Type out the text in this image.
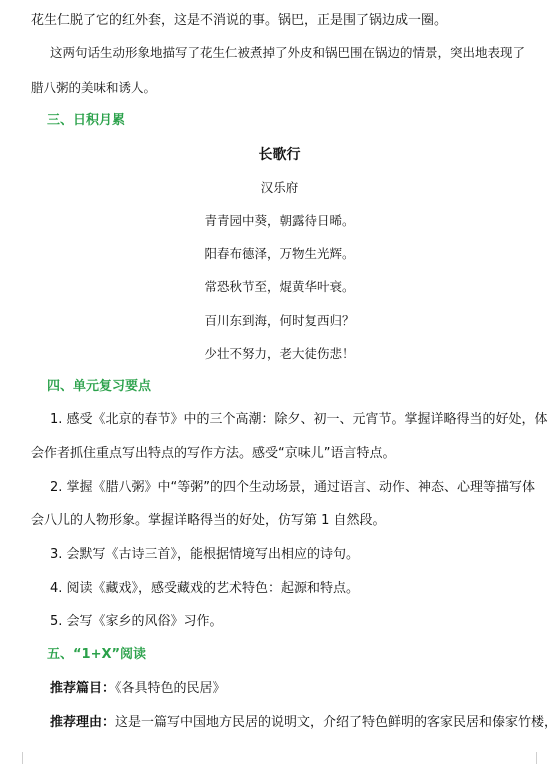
花生仁脱了它的红外套，这是不消说的事。锅巴，正是围了锅边成一圈。
这两句话生动形象地描写了花生仁被煮掉了外皮和锅巴围在锅边的情景，突出地表现了
腊八粥的美味和诱人。
三、日积月累
长歌行
汉乐府
青青园中葵，朝露待日晞。
阳春布德泽，万物生光辉。
常恐秋节至，焜黄华叶衰。
百川东到海，何时复西归？
少壮不努力，老大徒伤悲！
四、单元复习要点
1. 感受《北京的春节》中的三个高潮：除夕、初一、元宵节。掌握详略得当的好处，体
会作者抓住重点写出特点的写作方法。感受“京味儿”语言特点。
2. 掌握《腊八粥》中“等粥”的四个生动场景，通过语言、动作、神态、心理等描写体
会八儿的人物形象。掌握详略得当的好处，仿写第 1 自然段。
3. 会默写《古诗三首》，能根据情境写出相应的诗句。
4. 阅读《藏戏》，感受藏戏的艺术特色：起源和特点。
5. 会写《家乡的风俗》习作。
五、“1+X”阅读
推荐篇目：《各具特色的民居》
推荐理由：这是一篇写中国地方民居的说明文，介绍了特色鲜明的客家民居和傣家竹楼，
